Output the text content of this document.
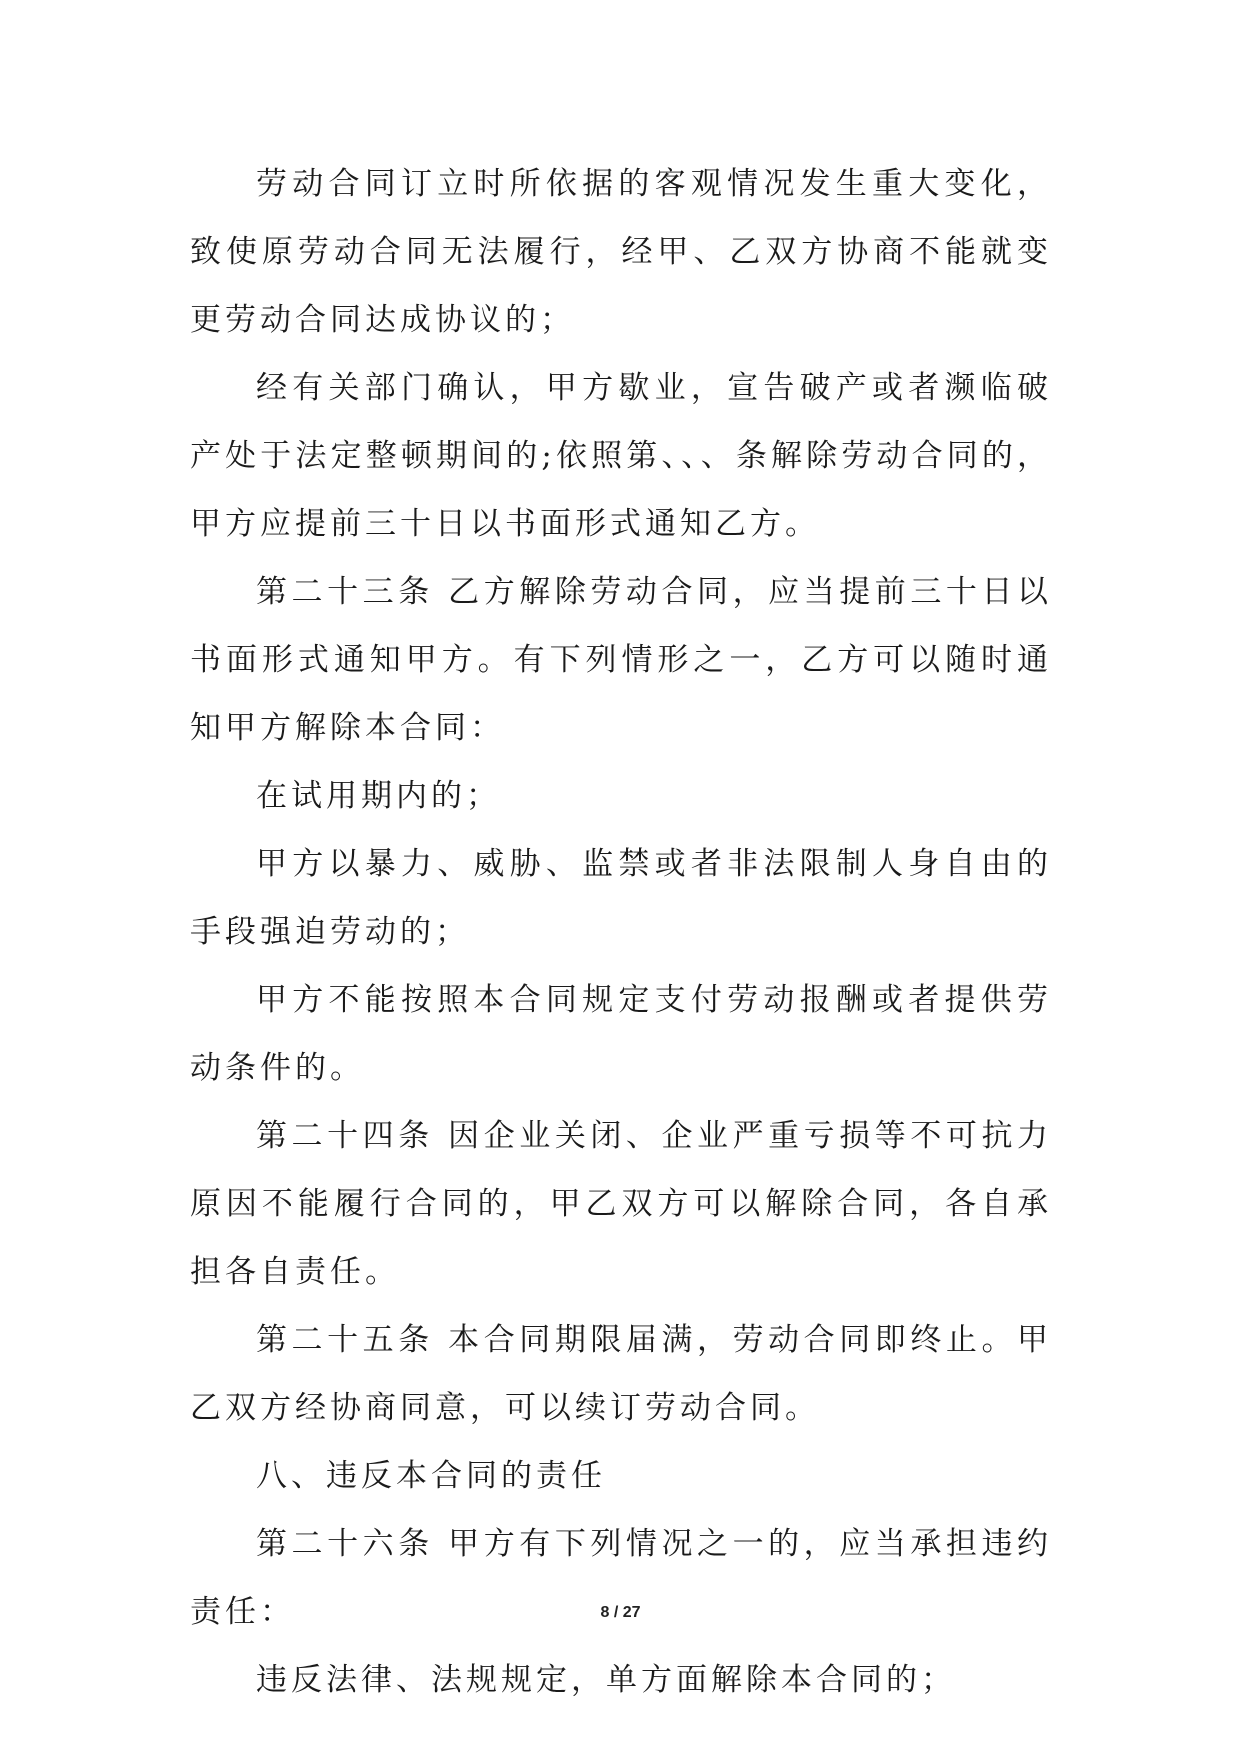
劳动合同订立时所依据的客观情况发生重大变化，致使原劳动合同无法履行，经甲、乙双方协商不能就变更劳动合同达成协议的；

经有关部门确认，甲方歇业，宣告破产或者濒临破产处于法定整顿期间的;依照第、、、条解除劳动合同的，甲方应提前三十日以书面形式通知乙方。

第二十三条 乙方解除劳动合同，应当提前三十日以书面形式通知甲方。有下列情形之一，乙方可以随时通知甲方解除本合同：

在试用期内的；

甲方以暴力、威胁、监禁或者非法限制人身自由的手段强迫劳动的；

甲方不能按照本合同规定支付劳动报酬或者提供劳动条件的。

第二十四条 因企业关闭、企业严重亏损等不可抗力原因不能履行合同的，甲乙双方可以解除合同，各自承担各自责任。

第二十五条 本合同期限届满，劳动合同即终止。甲乙双方经协商同意，可以续订劳动合同。

八、违反本合同的责任

第二十六条 甲方有下列情况之一的，应当承担违约责任：

违反法律、法规规定，单方面解除本合同的；

8 / 27
